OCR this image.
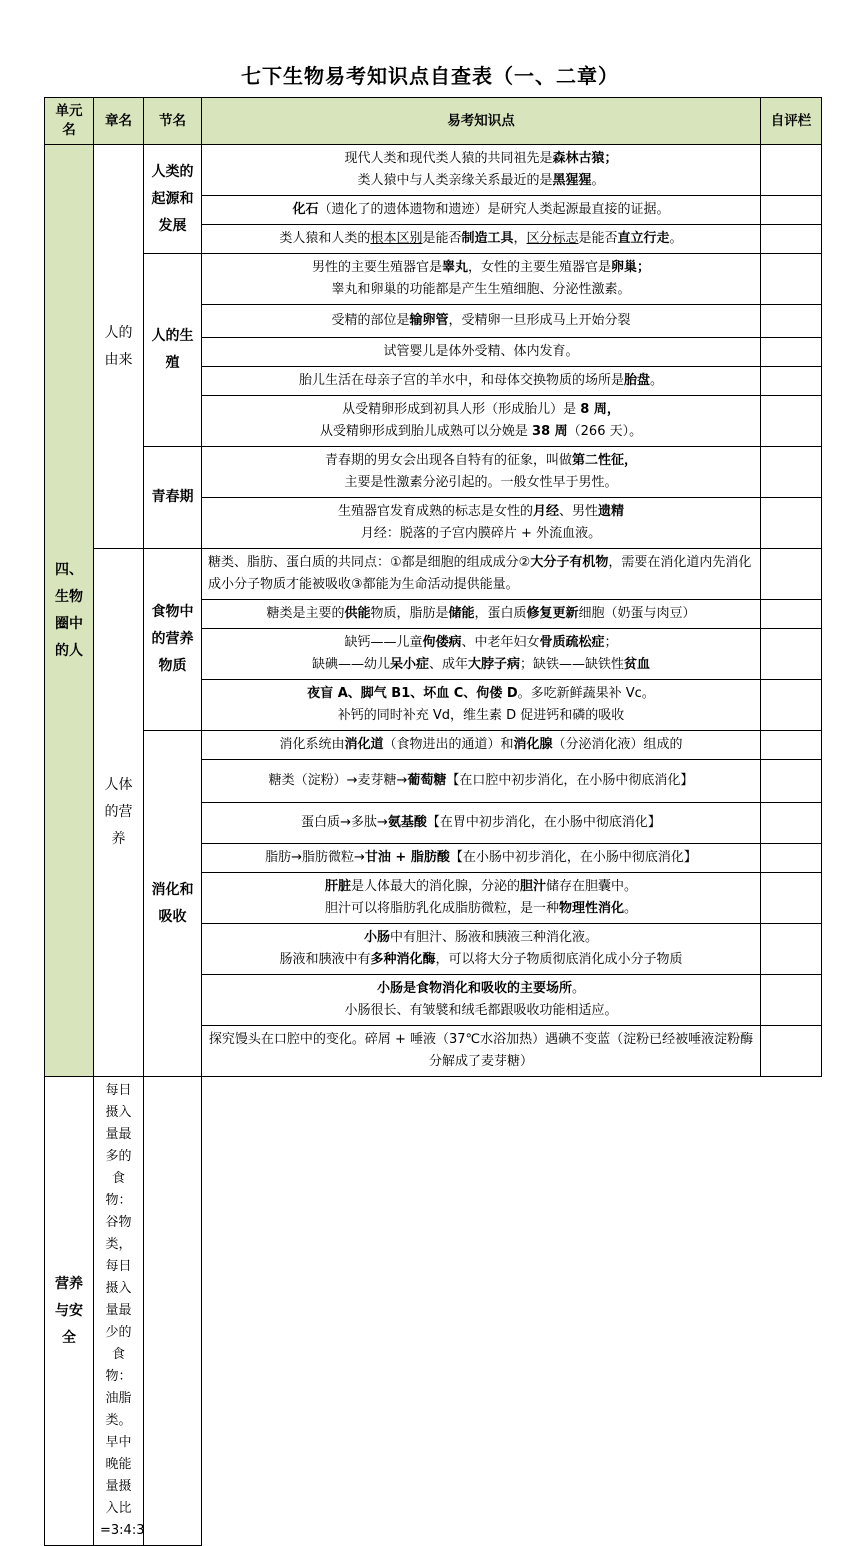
七下生物易考知识点自查表（一、二章）
单元名	章名	节名	易考知识点	自评栏
四、生物圈中的人	人的由来	人类的起源和发展	现代人类和现代类人猿的共同祖先是森林古猿；
类人猿中与人类亲缘关系最近的是黑猩猩。	
			化石（遗化了的遗体遗物和遗迹）是研究人类起源最直接的证据。	
			类人猿和人类的根本区别是能否制造工具，区分标志是能否直立行走。	
		人的生殖	男性的主要生殖器官是睾丸，女性的主要生殖器官是卵巢；
睾丸和卵巢的功能都是产生生殖细胞、分泌性激素。	
			受精的部位是输卵管，受精卵一旦形成马上开始分裂	
			试管婴儿是体外受精、体内发育。	
			胎儿生活在母亲子宫的羊水中，和母体交换物质的场所是胎盘。	
			从受精卵形成到初具人形（形成胎儿）是 8 周，
从受精卵形成到胎儿成熟可以分娩是 38 周（266 天）。	
		青春期	青春期的男女会出现各自特有的征象，叫做第二性征，
主要是性激素分泌引起的。一般女性早于男性。	
			生殖器官发育成熟的标志是女性的月经、男性遗精
月经：脱落的子宫内膜碎片 + 外流血液。	
	人体的营养	食物中的营养物质	糖类、脂肪、蛋白质的共同点：①都是细胞的组成成分②大分子有机物，需要在消化道内先消化成小分子物质才能被吸收③都能为生命活动提供能量。	
			糖类是主要的供能物质，脂肪是储能，蛋白质修复更新细胞（奶蛋与肉豆）	
			缺钙——儿童佝偻病、中老年妇女骨质疏松症；
缺碘——幼儿呆小症、成年大脖子病；缺铁——缺铁性贫血	
			夜盲 A、脚气 B1、坏血 C、佝偻 D。多吃新鲜蔬果补 Vc。
补钙的同时补充 Vd，维生素 D 促进钙和磷的吸收	
		消化和吸收	消化系统由消化道（食物进出的通道）和消化腺（分泌消化液）组成的	
			糖类（淀粉）→麦芽糖→葡萄糖【在口腔中初步消化，在小肠中彻底消化】	
			蛋白质→多肽→氨基酸【在胃中初步消化，在小肠中彻底消化】	
			脂肪→脂肪微粒→甘油 + 脂肪酸【在小肠中初步消化，在小肠中彻底消化】	
			肝脏是人体最大的消化腺，分泌的胆汁储存在胆囊中。
胆汁可以将脂肪乳化成脂肪微粒，是一种物理性消化。	
			小肠中有胆汁、肠液和胰液三种消化液。
肠液和胰液中有多种消化酶，可以将大分子物质彻底消化成小分子物质	
			小肠是食物消化和吸收的主要场所。
小肠很长、有皱襞和绒毛都跟吸收功能相适应。	
			探究馒头在口腔中的变化。碎屑 + 唾液（37℃水浴加热）遇碘不变蓝（淀粉已经被唾液淀粉酶分解成了麦芽糖）	
营养与安全	每日摄入量最多的食物：谷物类，每日摄入量最少的食物：油脂类。
早中晚能量摄入比=3:4:3			
